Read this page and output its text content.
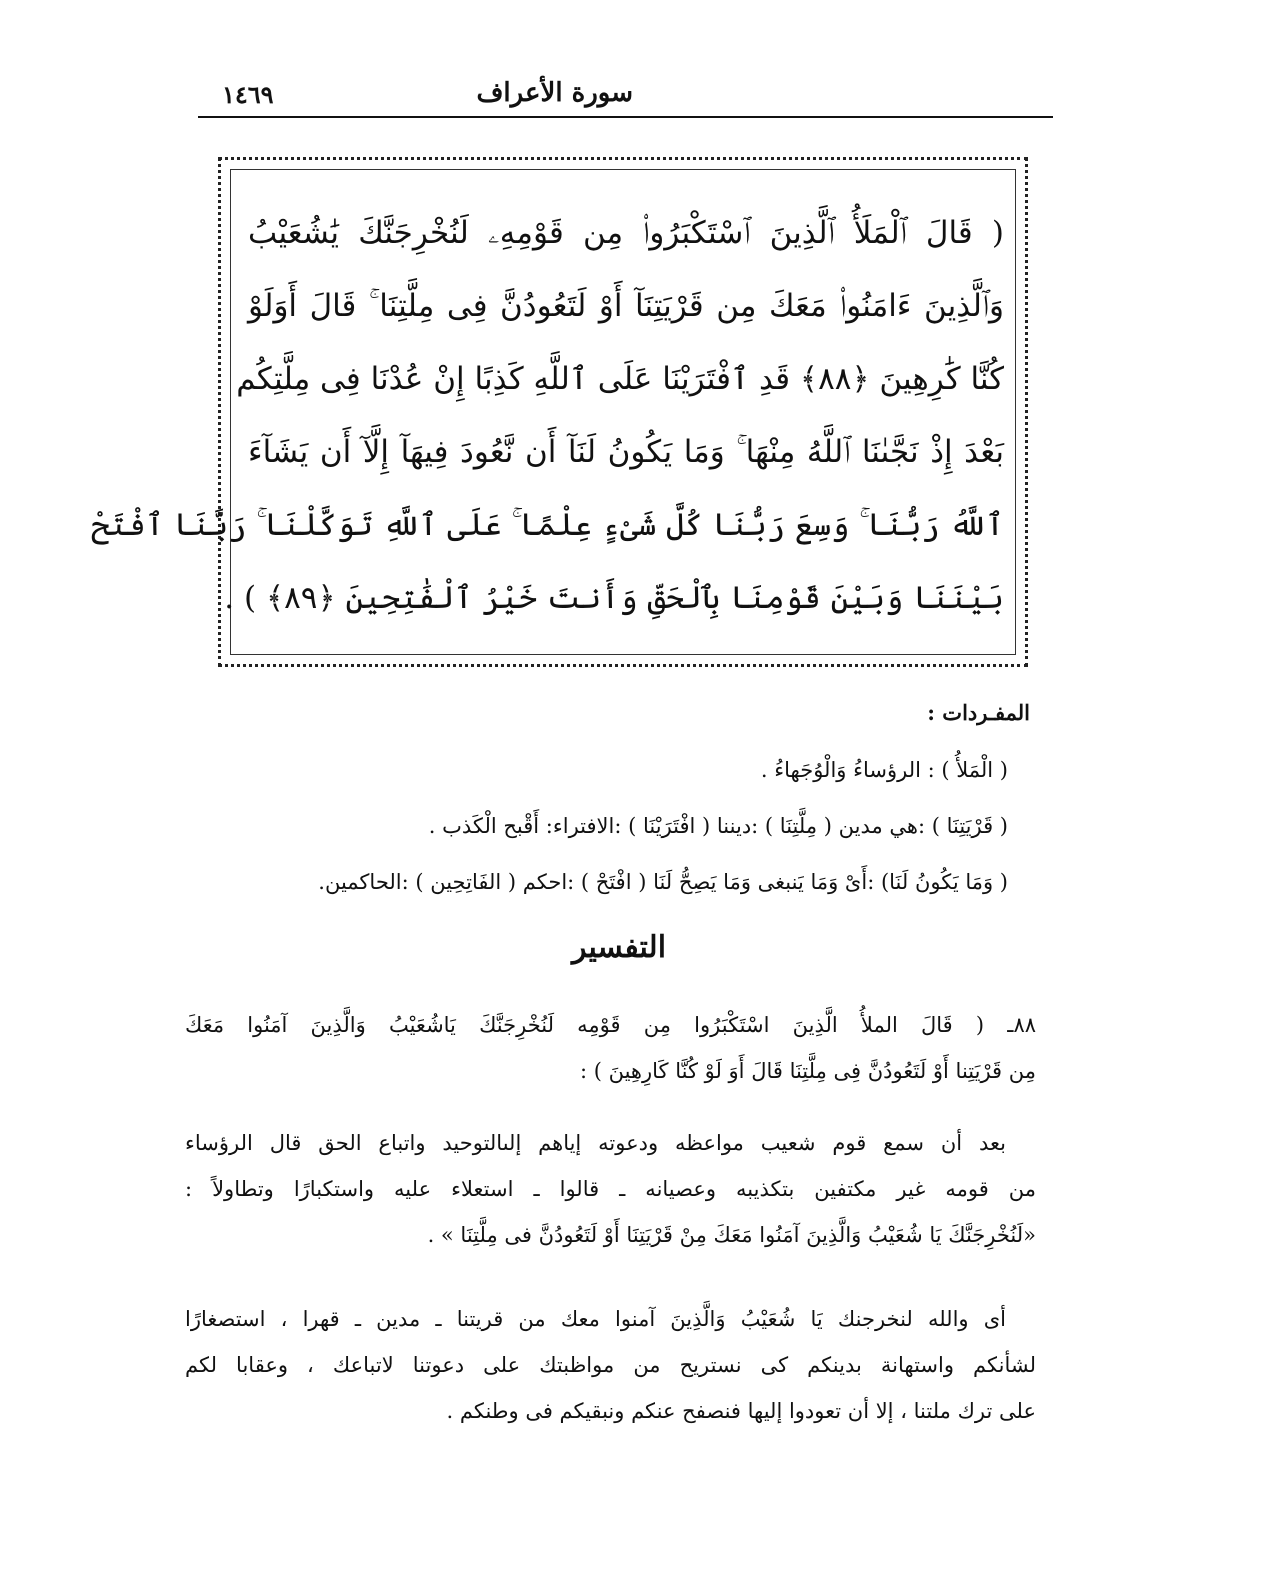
سورة الأعراف
١٤٦٩
( قَالَ ٱلْمَلَأُ ٱلَّذِينَ ٱسْتَكْبَرُوا۟ مِن قَوْمِهِۦ لَنُخْرِجَنَّكَ يَٰشُعَيْبُ
وَٱلَّذِينَ ءَامَنُوا۟ مَعَكَ مِن قَرْيَتِنَآ أَوْ لَتَعُودُنَّ فِى مِلَّتِنَا ۚ قَالَ أَوَلَوْ
كُنَّا كَٰرِهِينَ ﴿٨٨﴾ قَدِ ٱفْتَرَيْنَا عَلَى ٱللَّهِ كَذِبًا إِنْ عُدْنَا فِى مِلَّتِكُم
بَعْدَ إِذْ نَجَّىٰنَا ٱللَّهُ مِنْهَا ۚ وَمَا يَكُونُ لَنَآ أَن نَّعُودَ فِيهَآ إِلَّآ أَن يَشَآءَ
ٱللَّهُ رَبُّنَا ۚ وَسِعَ رَبُّنَا كُلَّ شَىْءٍ عِلْمًا ۚ عَلَى ٱللَّهِ تَوَكَّلْنَا ۚ رَبَّنَا ٱفْتَحْ
بَيْنَنَا وَبَيْنَ قَوْمِنَا بِٱلْحَقِّ وَأَنتَ خَيْرُ ٱلْفَٰتِحِينَ ﴿٨٩﴾ ) .
المفـردات :
( الْمَلأُ ) : الرؤساءُ وَالْوُجَهاءُ .
( قَرْيَتِنَا ) :هي مدين ( مِلَّتِنَا ) :ديننا ( افْتَرَيْنَا ) :الافتراء: أَقْبح الْكَذب .
( وَمَا يَكُونُ لَنَا) :أَىْ وَمَا يَنبغى وَمَا يَصِحُّ لَنَا ( افْتَحْ ) :احكم ( الفَاتِحِين ) :الحاكمين.
التفسير
٨٨ـ ( قَالَ الملأُ الَّذِينَ اسْتَكْبَرُوا مِن قَوْمِه لَنُخْرِجَنَّكَ يَاشُعَيْبُ وَالَّذِينَ آمَنُوا مَعَكَ
مِن قَرْيَتِنا أَوْ لَتَعُودُنَّ فِى مِلَّتِنَا قَالَ أَوَ لَوْ كُنَّا كَارِهِينَ ) :
بعد أن سمع قوم شعيب مواعظه ودعوته إياهم إلىالتوحيد واتباع الحق قال الرؤساء
من قومه غير مكتفين بتكذيبه وعصيانه ـ قالوا ـ استعلاء عليه واستكبارًا وتطاولاً :
«لَنُخْرِجَنَّكَ يَا شُعَيْبُ وَالَّذِينَ آمَنُوا مَعَكَ مِنْ قَرْيَتِنَا أَوْ لَتَعُودُنَّ فى مِلَّتِنَا » .
أى والله لنخرجنك يَا شُعَيْبُ وَالَّذِينَ آمنوا معك من قريتنا ـ مدين ـ قهرا ، استصغارًا
لشأنكم واستهانة بدينكم كى نستريح من مواظبتك على دعوتنا لاتباعك ، وعقابا لكم
على ترك ملتنا ، إلا أن تعودوا إليها فنصفح عنكم ونبقيكم فى وطنكم .
